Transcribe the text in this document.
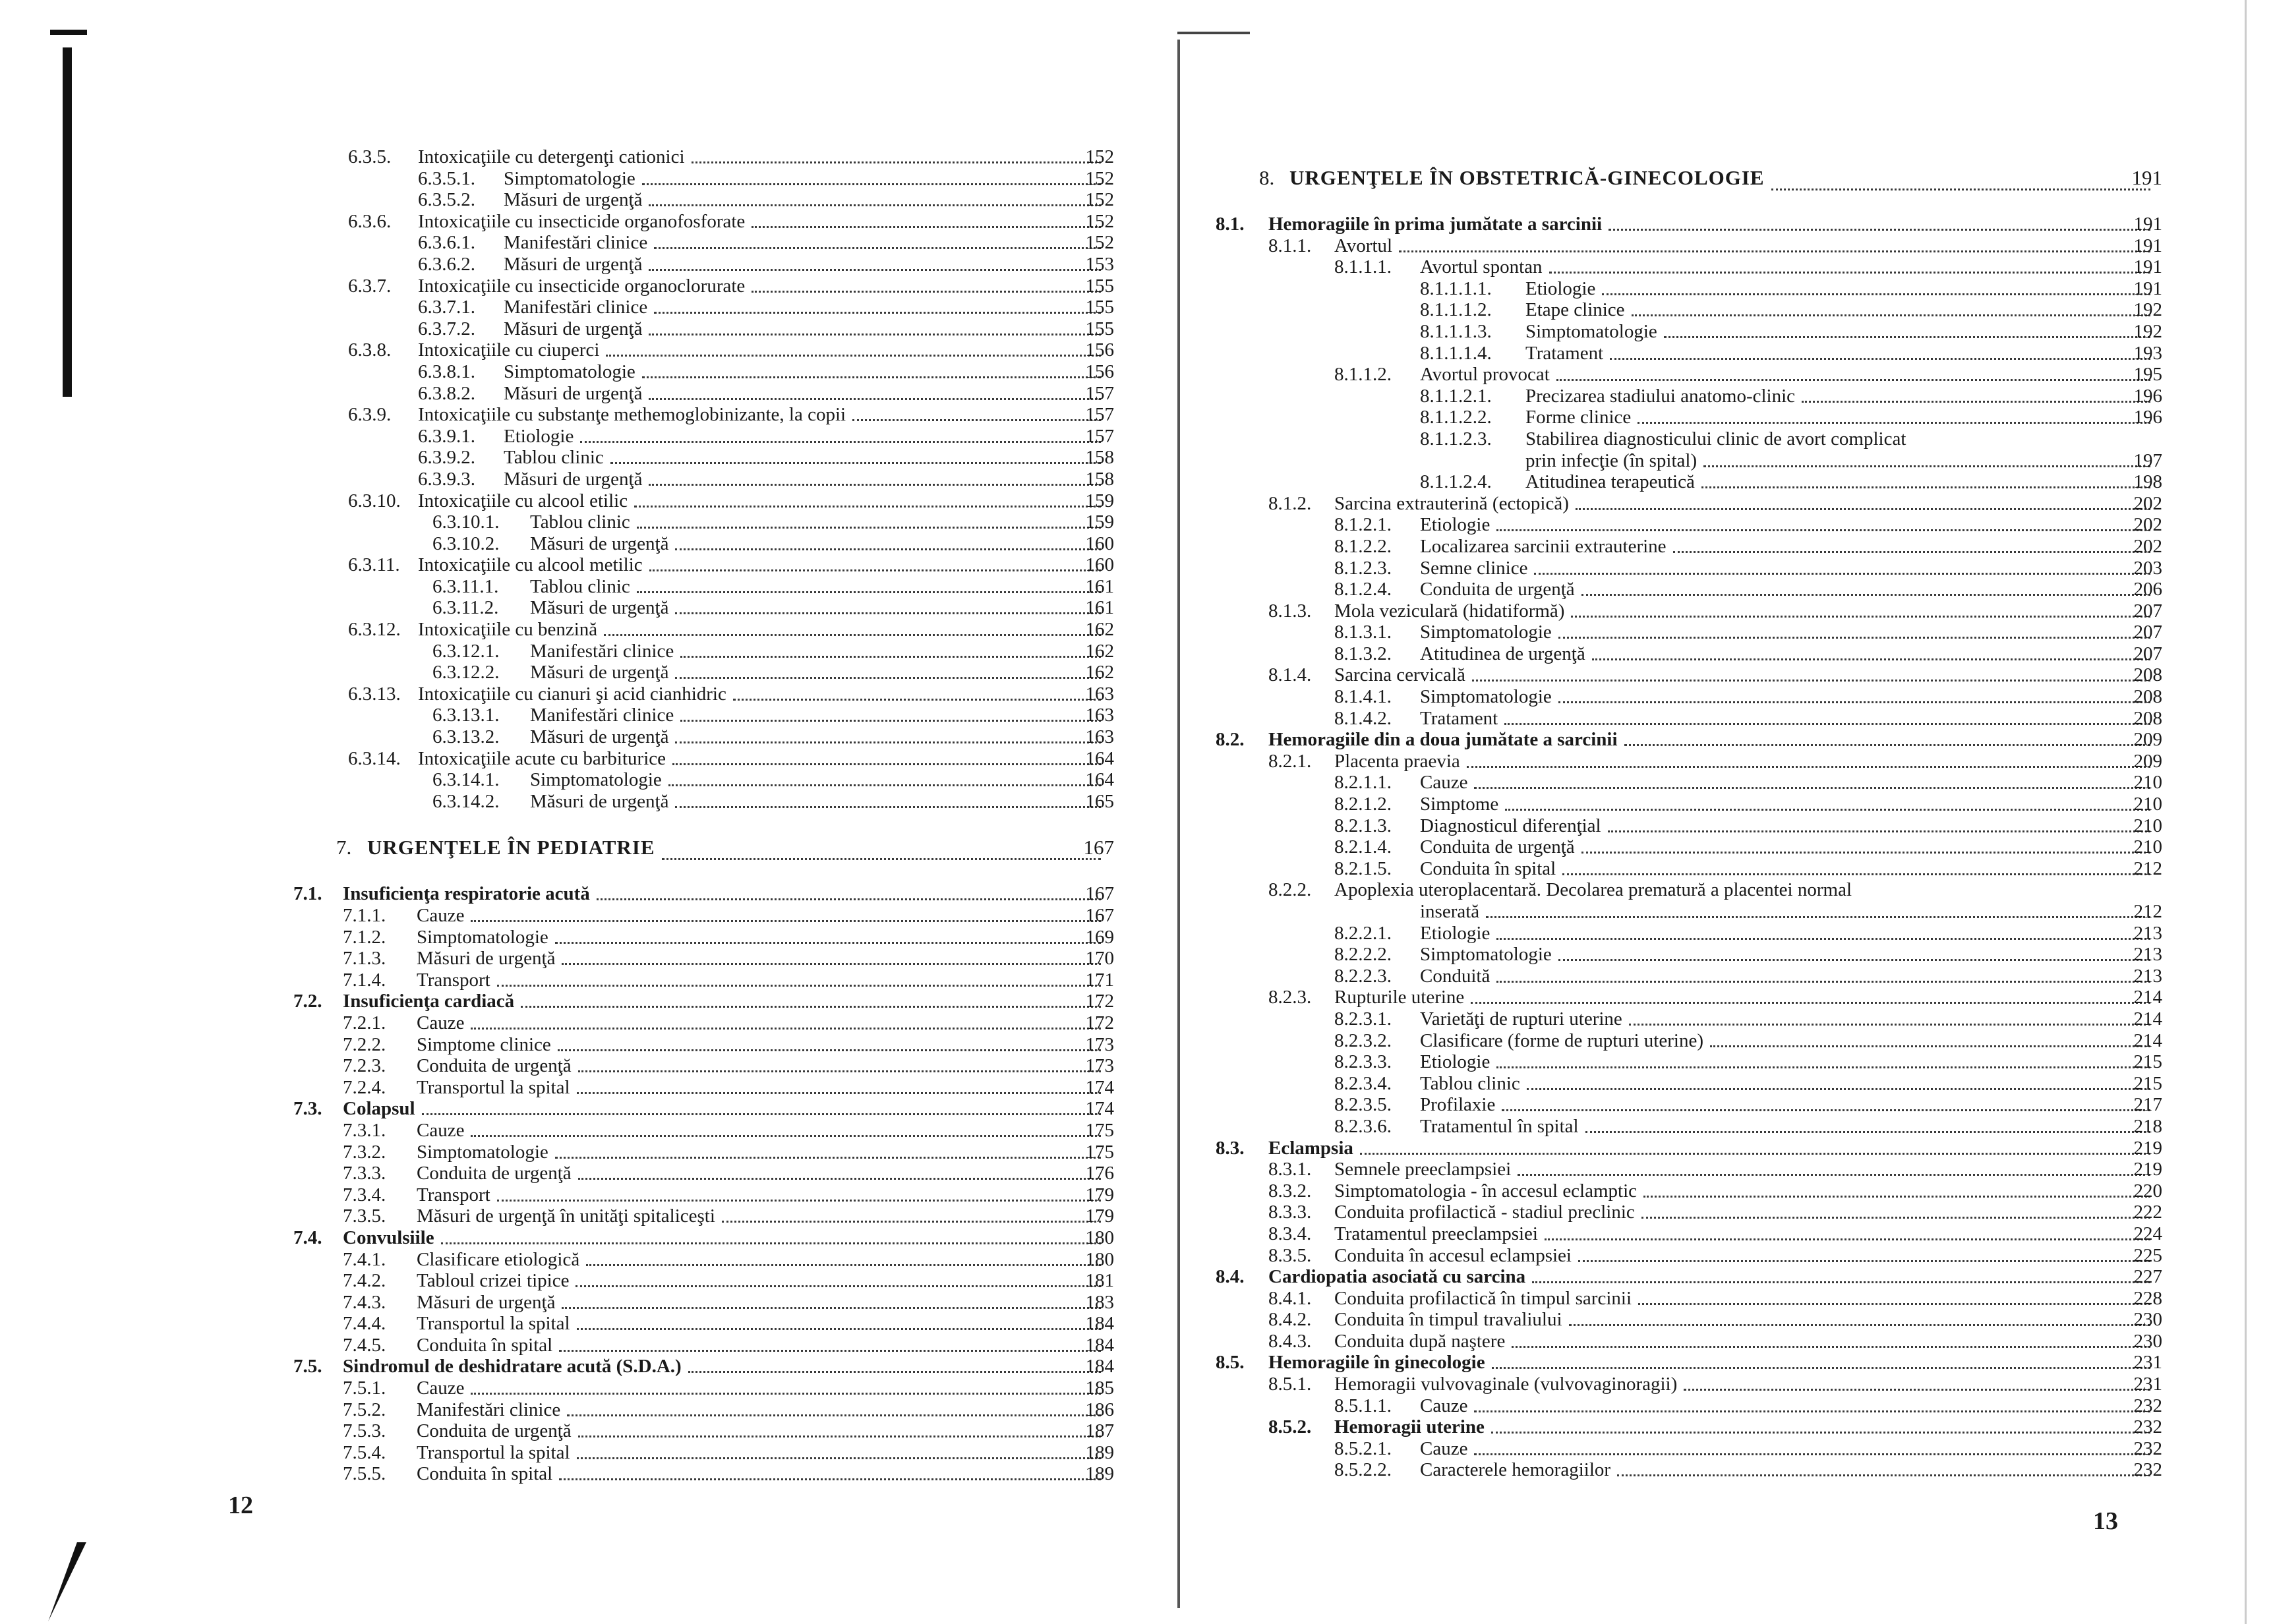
6.3.5. Intoxicaţiile cu detergenţi cationici	152
6.3.5.1. Simptomatologie	152
6.3.5.2. Măsuri de urgenţă	152
6.3.6. Intoxicaţiile cu insecticide organofosforate	152
6.3.6.1. Manifestări clinice	152
6.3.6.2. Măsuri de urgenţă	153
6.3.7. Intoxicaţiile cu insecticide organoclorurate	155
6.3.7.1. Manifestări clinice	155
6.3.7.2. Măsuri de urgenţă	155
6.3.8. Intoxicaţiile cu ciuperci	156
6.3.8.1. Simptomatologie	156
6.3.8.2. Măsuri de urgenţă	157
6.3.9. Intoxicaţiile cu substanţe methemoglobinizante, la copii	157
6.3.9.1. Etiologie	157
6.3.9.2. Tablou clinic	158
6.3.9.3. Măsuri de urgenţă	158
6.3.10. Intoxicaţiile cu alcool etilic	159
6.3.10.1. Tablou clinic	159
6.3.10.2. Măsuri de urgenţă	160
6.3.11. Intoxicaţiile cu alcool metilic	160
6.3.11.1. Tablou clinic	161
6.3.11.2. Măsuri de urgenţă	161
6.3.12. Intoxicaţiile cu benzină	162
6.3.12.1. Manifestări clinice	162
6.3.12.2. Măsuri de urgenţă	162
6.3.13. Intoxicaţiile cu cianuri şi acid cianhidric	163
6.3.13.1. Manifestări clinice	163
6.3.13.2. Măsuri de urgenţă	163
6.3.14. Intoxicaţiile acute cu barbiturice	164
6.3.14.1. Simptomatologie	164
6.3.14.2. Măsuri de urgenţă	165
7. URGENŢELE ÎN PEDIATRIE	167
7.1. Insuficienţa respiratorie acută	167
7.1.1. Cauze	167
7.1.2. Simptomatologie	169
7.1.3. Măsuri de urgenţă	170
7.1.4. Transport	171
7.2. Insuficienţa cardiacă	172
7.2.1. Cauze	172
7.2.2. Simptome clinice	173
7.2.3. Conduita de urgenţă	173
7.2.4. Transportul la spital	174
7.3. Colapsul	174
7.3.1. Cauze	175
7.3.2. Simptomatologie	175
7.3.3. Conduita de urgenţă	176
7.3.4. Transport	179
7.3.5. Măsuri de urgenţă în unităţi spitaliceşti	179
7.4. Convulsiile	180
7.4.1. Clasificare etiologică	180
7.4.2. Tabloul crizei tipice	181
7.4.3. Măsuri de urgenţă	183
7.4.4. Transportul la spital	184
7.4.5. Conduita în spital	184
7.5. Sindromul de deshidratare acută (S.D.A.)	184
7.5.1. Cauze	185
7.5.2. Manifestări clinice	186
7.5.3. Conduita de urgenţă	187
7.5.4. Transportul la spital	189
7.5.5. Conduita în spital	189
12
8. URGENŢELE ÎN OBSTETRICĂ-GINECOLOGIE	191
8.1. Hemoragiile în prima jumătate a sarcinii	191
8.1.1. Avortul	191
8.1.1.1. Avortul spontan	191
8.1.1.1.1. Etiologie	191
8.1.1.1.2. Etape clinice	192
8.1.1.1.3. Simptomatologie	192
8.1.1.1.4. Tratament	193
8.1.1.2. Avortul provocat	195
8.1.1.2.1. Precizarea stadiului anatomo-clinic	196
8.1.1.2.2. Forme clinice	196
8.1.1.2.3. Stabilirea diagnosticului clinic de avort complicat
prin infecţie (în spital)	197
8.1.1.2.4. Atitudinea terapeutică	198
8.1.2. Sarcina extrauterină (ectopică)	202
8.1.2.1. Etiologie	202
8.1.2.2. Localizarea sarcinii extrauterine	202
8.1.2.3. Semne clinice	203
8.1.2.4. Conduita de urgenţă	206
8.1.3. Mola veziculară (hidatiformă)	207
8.1.3.1. Simptomatologie	207
8.1.3.2. Atitudinea de urgenţă	207
8.1.4. Sarcina cervicală	208
8.1.4.1. Simptomatologie	208
8.1.4.2. Tratament	208
8.2. Hemoragiile din a doua jumătate a sarcinii	209
8.2.1. Placenta praevia	209
8.2.1.1. Cauze	210
8.2.1.2. Simptome	210
8.2.1.3. Diagnosticul diferenţial	210
8.2.1.4. Conduita de urgenţă	210
8.2.1.5. Conduita în spital	212
8.2.2. Apoplexia uteroplacentară. Decolarea prematură a placentei normal
inserată	212
8.2.2.1. Etiologie	213
8.2.2.2. Simptomatologie	213
8.2.2.3. Conduită	213
8.2.3. Rupturile uterine	214
8.2.3.1. Varietăţi de rupturi uterine	214
8.2.3.2. Clasificare (forme de rupturi uterine)	214
8.2.3.3. Etiologie	215
8.2.3.4. Tablou clinic	215
8.2.3.5. Profilaxie	217
8.2.3.6. Tratamentul în spital	218
8.3. Eclampsia	219
8.3.1. Semnele preeclampsiei	219
8.3.2. Simptomatologia - în accesul eclamptic	220
8.3.3. Conduita profilactică - stadiul preclinic	222
8.3.4. Tratamentul preeclampsiei	224
8.3.5. Conduita în accesul eclampsiei	225
8.4. Cardiopatia asociată cu sarcina	227
8.4.1. Conduita profilactică în timpul sarcinii	228
8.4.2. Conduita în timpul travaliului	230
8.4.3. Conduita după naştere	230
8.5. Hemoragiile în ginecologie	231
8.5.1. Hemoragii vulvovaginale (vulvovaginoragii)	231
8.5.1.1. Cauze	232
8.5.2. Hemoragii uterine	232
8.5.2.1. Cauze	232
8.5.2.2. Caracterele hemoragiilor	232
13
